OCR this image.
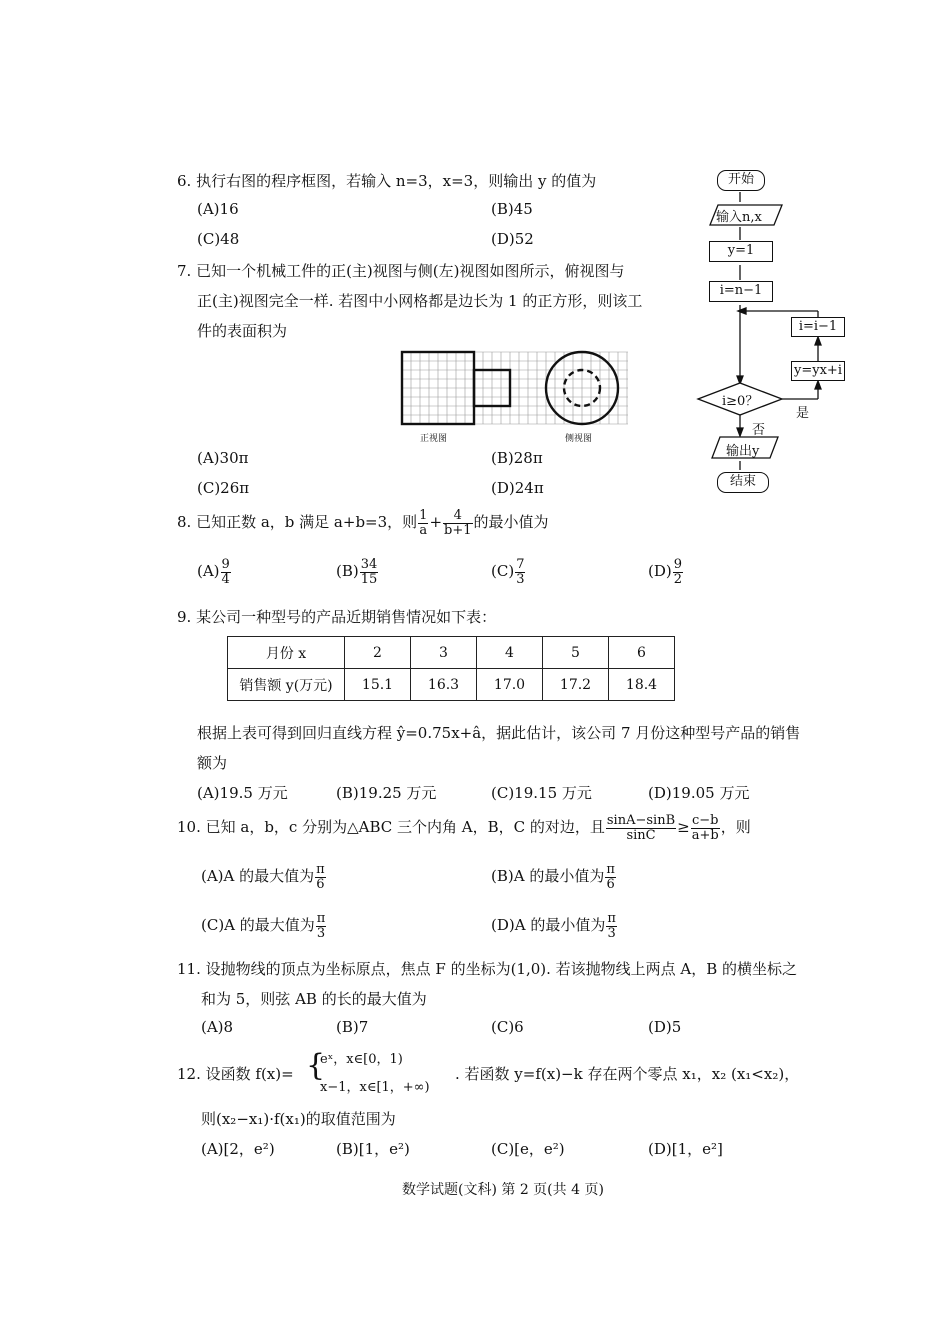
6. 执行右图的程序框图，若输入 n=3，x=3，则输出 y 的值为
(A)16	(B)45
(C)48	(D)52
开始
输入n,x
y=1
i=n−1
i=i−1
y=yx+i
i≥0？
是
否
输出y
结束
7. 已知一个机械工件的正(主)视图与侧(左)视图如图所示，俯视图与
正(主)视图完全一样. 若图中小网格都是边长为 1 的正方形，则该工
件的表面积为
正视图	侧视图
(A)30π	(B)28π
(C)26π	(D)24π
8. 已知正数 a，b 满足 a+b=3，则 $\frac{1}{a} + \frac{4}{b+1}$ 的最小值为
$(A) \frac{9}{4}$	$(B) \frac{34}{15}$	$(C) \frac{7}{3}$	$(D) \frac{9}{2}$
9. 某公司一种型号的产品近期销售情况如下表：
月份 x	2	3	4	5	6
销售额 y(万元)	15.1	16.3	17.0	17.2	18.4
根据上表可得到回归直线方程 ŷ=0.75x+â，据此估计，该公司 7 月份这种型号产品的销售
额为
(A)19.5 万元	(B)19.25 万元	(C)19.15 万元	(D)19.05 万元
10. 已知 a，b，c 分别为△ABC 三个内角 A，B，C 的对边，且 $\frac{\sin A-\sin B}{\sin C} \ge \frac{c-b}{a+b}$ ，则
(A)A 的最大值为 $\frac{\pi}{6}$	(B)A 的最小值为 $\frac{\pi}{6}$
(C)A 的最大值为 $\frac{\pi}{3}$	(D)A 的最小值为 $\frac{\pi}{3}$
11. 设抛物线的顶点为坐标原点，焦点 F 的坐标为(1,0). 若该抛物线上两点 A，B 的横坐标之
和为 5，则弦 AB 的长的最大值为
(A)8	(B)7	(C)6	(D)5
12. 设函数 f(x)= {
eˣ，x∈[0，1)
x−1，x∈[1，+∞)
. 若函数 y=f(x)−k 存在两个零点 x₁，x₂ (x₁<x₂)，
则(x₂−x₁)·f(x₁)的取值范围为
(A)[2，e²)	(B)[1，e²)	(C)[e，e²)	(D)[1，e²]
数学试题(文科) 第 2 页(共 4 页)
